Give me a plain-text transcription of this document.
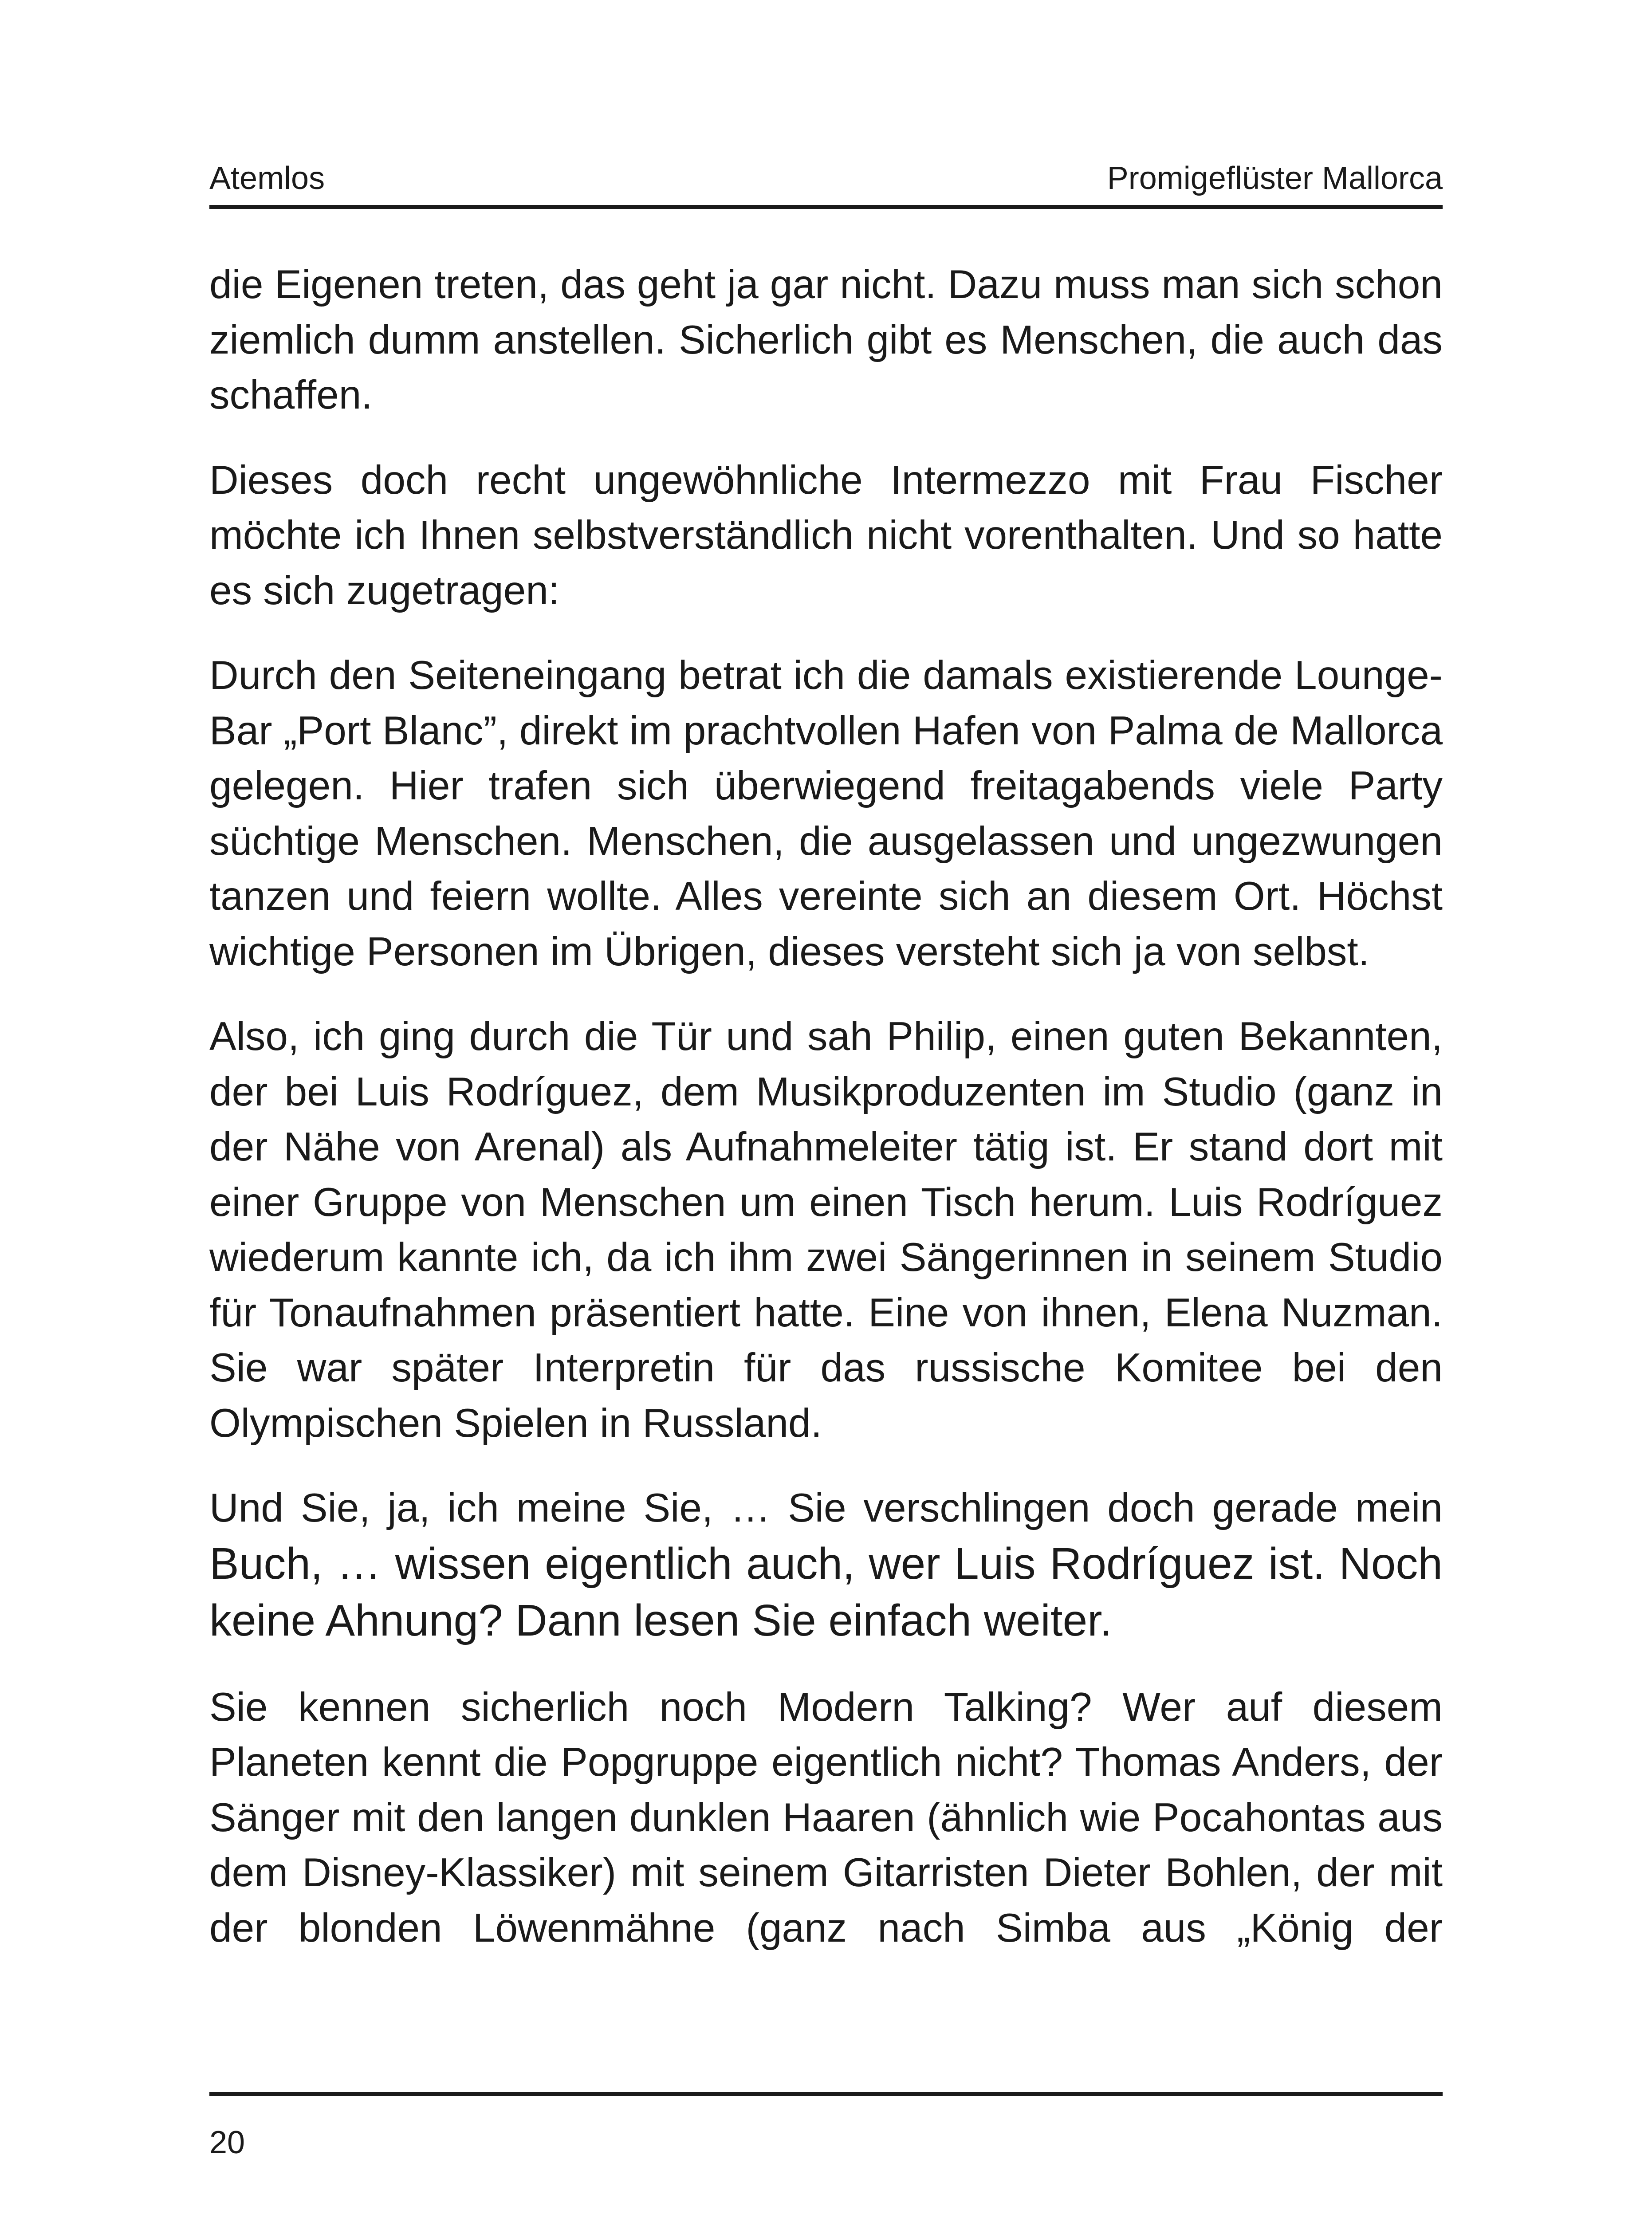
Atemlos	Promigeflüster Mallorca

die Eigenen treten, das geht ja gar nicht. Dazu muss man sich schon ziemlich dumm anstellen. Sicherlich gibt es Menschen, die auch das schaffen.

Dieses doch recht ungewöhnliche Intermezzo mit Frau Fischer möchte ich Ihnen selbstverständlich nicht vorenthalten. Und so hatte es sich zugetragen:

Durch den Seiteneingang betrat ich die damals existierende Lounge-Bar „Port Blanc”, direkt im prachtvollen Hafen von Palma de Mallorca gelegen. Hier trafen sich überwiegend freitagabends viele Party süchtige Menschen. Menschen, die ausgelassen und ungezwungen tanzen und feiern wollte. Alles vereinte sich an diesem Ort. Höchst wichtige Personen im Übrigen, dieses versteht sich ja von selbst.

Also, ich ging durch die Tür und sah Philip, einen guten Bekannten, der bei Luis Rodríguez, dem Musikproduzenten im Studio (ganz in der Nähe von Arenal) als Aufnahmeleiter tätig ist. Er stand dort mit einer Gruppe von Menschen um einen Tisch herum. Luis Rodríguez wiederum kannte ich, da ich ihm zwei Sängerinnen in seinem Studio für Tonaufnahmen präsentiert hatte. Eine von ihnen, Elena Nuzman. Sie war später Interpretin für das russische Komitee bei den Olympischen Spielen in Russland.

Und Sie, ja, ich meine Sie, … Sie verschlingen doch gerade mein Buch, … wissen eigentlich auch, wer Luis Rodríguez ist. Noch keine Ahnung? Dann lesen Sie einfach weiter.

Sie kennen sicherlich noch Modern Talking? Wer auf diesem Planeten kennt die Popgruppe eigentlich nicht? Thomas Anders, der Sänger mit den langen dunklen Haaren (ähnlich wie Pocahontas aus dem Disney-Klassiker) mit seinem Gitarristen Dieter Bohlen, der mit der blonden Löwenmähne (ganz nach Simba aus „König der

20
